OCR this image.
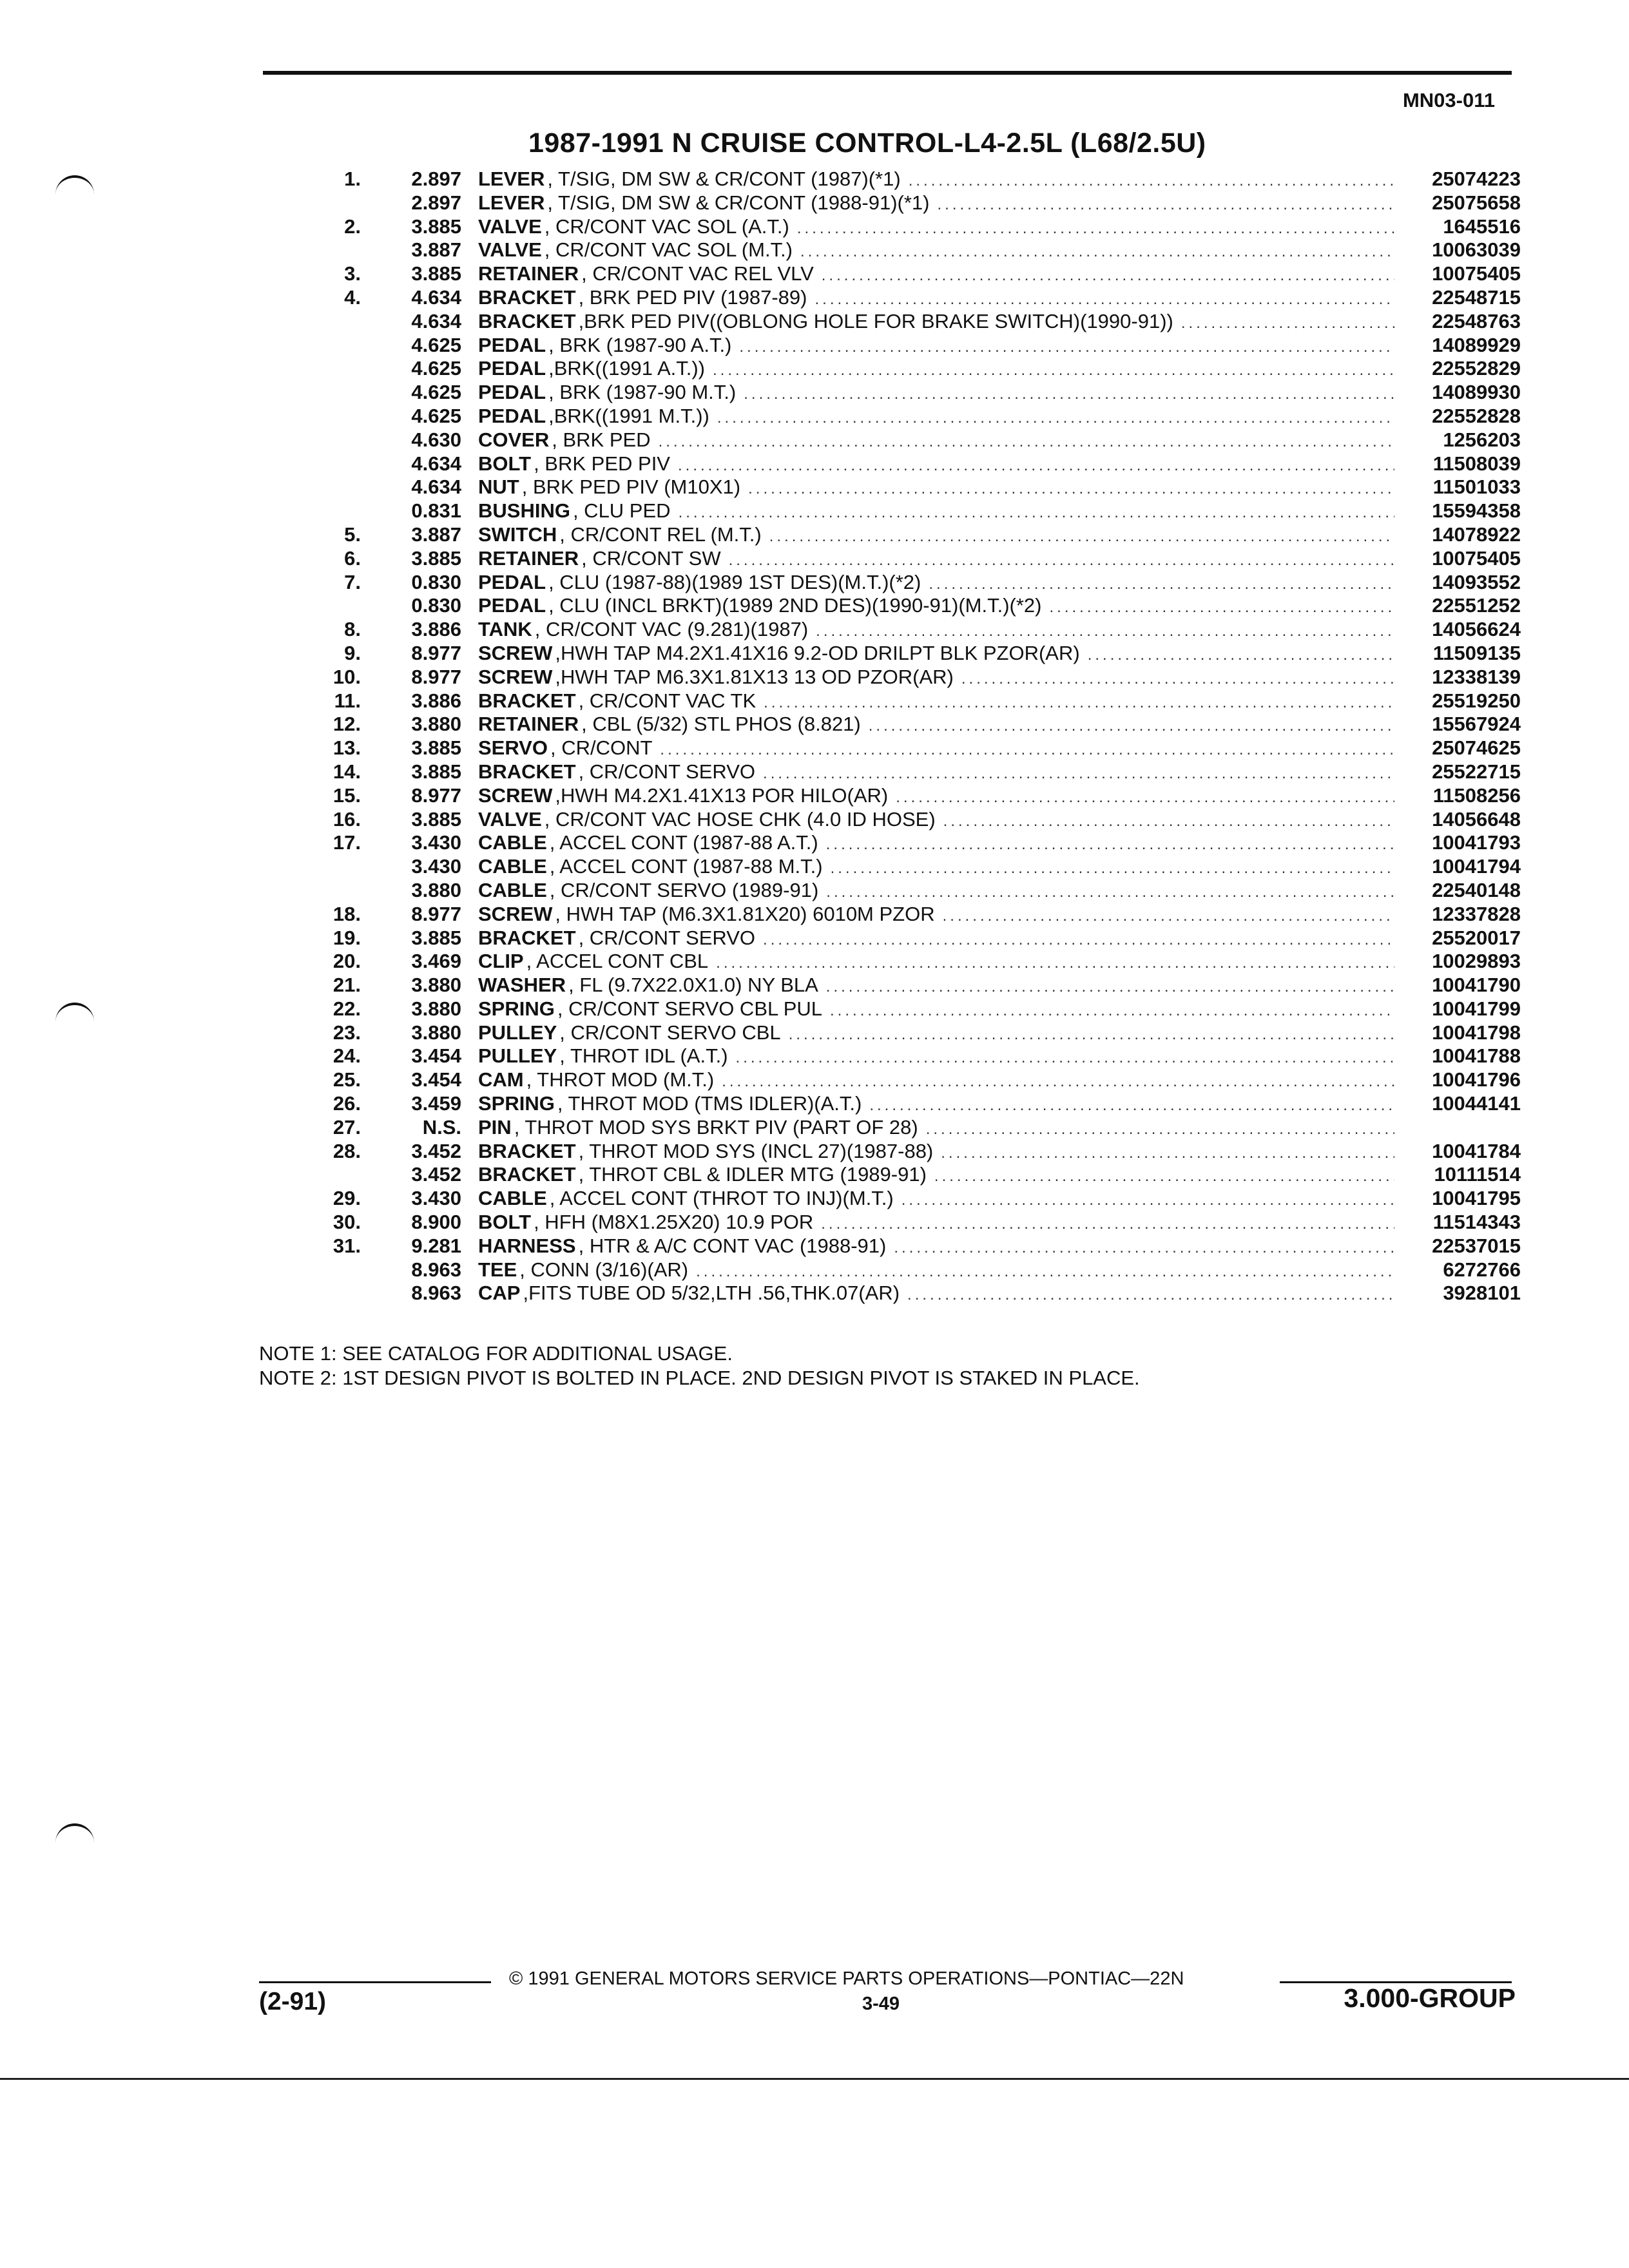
MN03-011
1987-1991 N CRUISE CONTROL-L4-2.5L (L68/2.5U)
1.	2.897 LEVER , T/SIG, DM SW & CR/CONT (1987)(*1) .....	25074223
2.897 LEVER , T/SIG, DM SW & CR/CONT (1988-91)(*1) .....	25075658
2.	3.885 VALVE , CR/CONT VAC SOL (A.T.) .....	1645516
3.887 VALVE , CR/CONT VAC SOL (M.T.) .....	10063039
3.	3.885 RETAINER , CR/CONT VAC REL VLV .....	10075405
4.	4.634 BRACKET , BRK PED PIV (1987-89) .....	22548715
4.634 BRACKET ,BRK PED PIV((OBLONG HOLE FOR BRAKE SWITCH)(1990-91)) .....	22548763
4.625 PEDAL , BRK (1987-90 A.T.) .....	14089929
4.625 PEDAL ,BRK((1991 A.T.)) .....	22552829
4.625 PEDAL , BRK (1987-90 M.T.) .....	14089930
4.625 PEDAL ,BRK((1991 M.T.)) .....	22552828
4.630 COVER , BRK PED .....	1256203
4.634 BOLT , BRK PED PIV .....	11508039
4.634 NUT , BRK PED PIV (M10X1) .....	11501033
0.831 BUSHING , CLU PED .....	15594358
5.	3.887 SWITCH , CR/CONT REL (M.T.) .....	14078922
6.	3.885 RETAINER , CR/CONT SW .....	10075405
7.	0.830 PEDAL , CLU (1987-88)(1989 1ST DES)(M.T.)(*2) .....	14093552
0.830 PEDAL , CLU (INCL BRKT)(1989 2ND DES)(1990-91)(M.T.)(*2) .....	22551252
8.	3.886 TANK , CR/CONT VAC (9.281)(1987) .....	14056624
9.	8.977 SCREW ,HWH TAP M4.2X1.41X16 9.2-OD DRILPT BLK PZOR(AR) .....	11509135
10.	8.977 SCREW ,HWH TAP M6.3X1.81X13 13 OD PZOR(AR) .....	12338139
11.	3.886 BRACKET , CR/CONT VAC TK .....	25519250
12.	3.880 RETAINER , CBL (5/32) STL PHOS (8.821) .....	15567924
13.	3.885 SERVO , CR/CONT .....	25074625
14.	3.885 BRACKET , CR/CONT SERVO .....	25522715
15.	8.977 SCREW ,HWH M4.2X1.41X13 POR HILO(AR) .....	11508256
16.	3.885 VALVE , CR/CONT VAC HOSE CHK (4.0 ID HOSE) .....	14056648
17.	3.430 CABLE , ACCEL CONT (1987-88 A.T.) .....	10041793
3.430 CABLE , ACCEL CONT (1987-88 M.T.) .....	10041794
3.880 CABLE , CR/CONT SERVO (1989-91) .....	22540148
18.	8.977 SCREW , HWH TAP (M6.3X1.81X20) 6010M PZOR .....	12337828
19.	3.885 BRACKET , CR/CONT SERVO .....	25520017
20.	3.469 CLIP , ACCEL CONT CBL .....	10029893
21.	3.880 WASHER , FL (9.7X22.0X1.0) NY BLA .....	10041790
22.	3.880 SPRING , CR/CONT SERVO CBL PUL .....	10041799
23.	3.880 PULLEY , CR/CONT SERVO CBL .....	10041798
24.	3.454 PULLEY , THROT IDL (A.T.) .....	10041788
25.	3.454 CAM , THROT MOD (M.T.) .....	10041796
26.	3.459 SPRING , THROT MOD (TMS IDLER)(A.T.) .....	10044141
27.	N.S. PIN , THROT MOD SYS BRKT PIV (PART OF 28)
.....
28.	3.452 BRACKET , THROT MOD SYS (INCL 27)(1987-88) .....	10041784
3.452 BRACKET , THROT CBL & IDLER MTG (1989-91) .....	10111514
29.	3.430 CABLE , ACCEL CONT (THROT TO INJ)(M.T.) .....	10041795
30.	8.900 BOLT , HFH (M8X1.25X20) 10.9 POR .....	11514343
31.	9.281 HARNESS , HTR & A/C CONT VAC (1988-91) .....	22537015
8.963 TEE , CONN (3/16)(AR) .....	6272766
8.963 CAP ,FITS TUBE OD 5/32,LTH .56,THK.07(AR) .....	3928101
NOTE 1: SEE CATALOG FOR ADDITIONAL USAGE.
NOTE 2: 1ST DESIGN PIVOT IS BOLTED IN PLACE. 2ND DESIGN PIVOT IS STAKED IN PLACE.
© 1991 GENERAL MOTORS SERVICE PARTS OPERATIONS—PONTIAC—22N
(2-91)	3-49	3.000-GROUP
